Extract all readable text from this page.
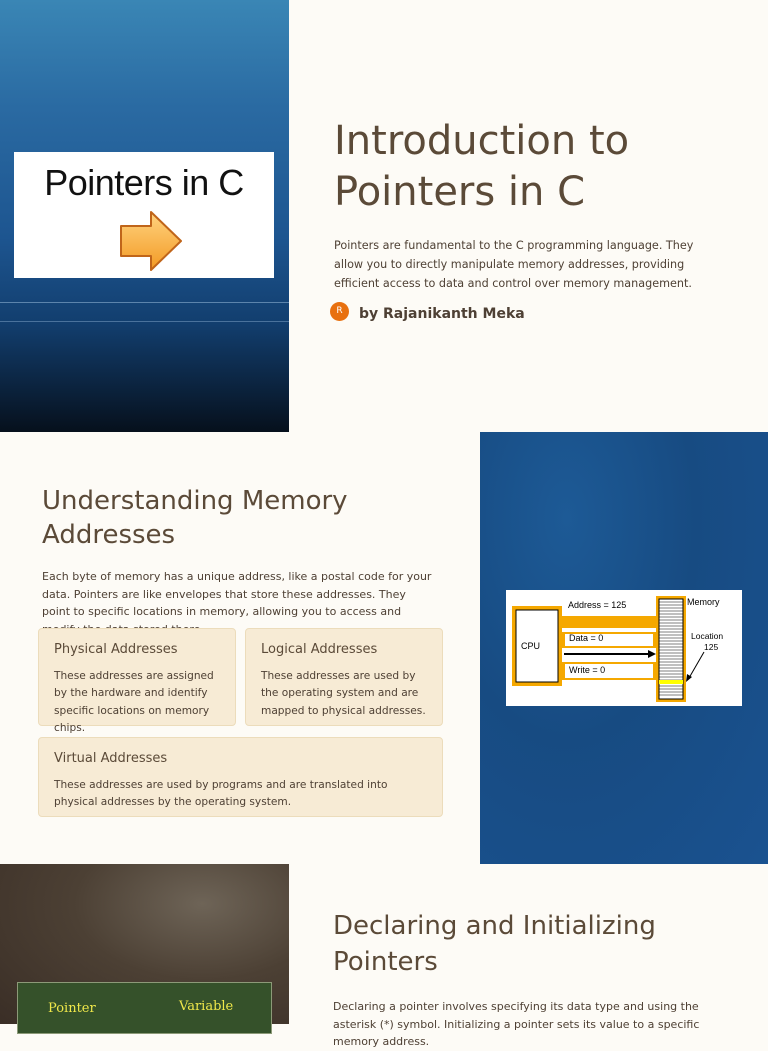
Pointers in C
Introduction to Pointers in C

Pointers are fundamental to the C programming language. They allow you to directly manipulate memory addresses, providing efficient access to data and control over memory management.

R	by Rajanikanth Meka
Understanding Memory Addresses

Each byte of memory has a unique address, like a postal code for your data. Pointers are like envelopes that store these addresses. They point to specific locations in memory, allowing you to access and

Physical Addresses

These addresses are assigned by the hardware and identify specific locations on memory chips.

Logical Addresses

These addresses are used by the operating system and are mapped to physical addresses.

Virtual Addresses

These addresses are used by programs and are translated into physical addresses by the operating system.

Address = 125	Memory
CPU
Data = 0
Write = 0
Location
125
Pointer	Variable
Declaring and Initializing Pointers

Declaring a pointer involves specifying its data type and using the asterisk (*) symbol. Initializing a pointer sets its value to a specific memory address.
